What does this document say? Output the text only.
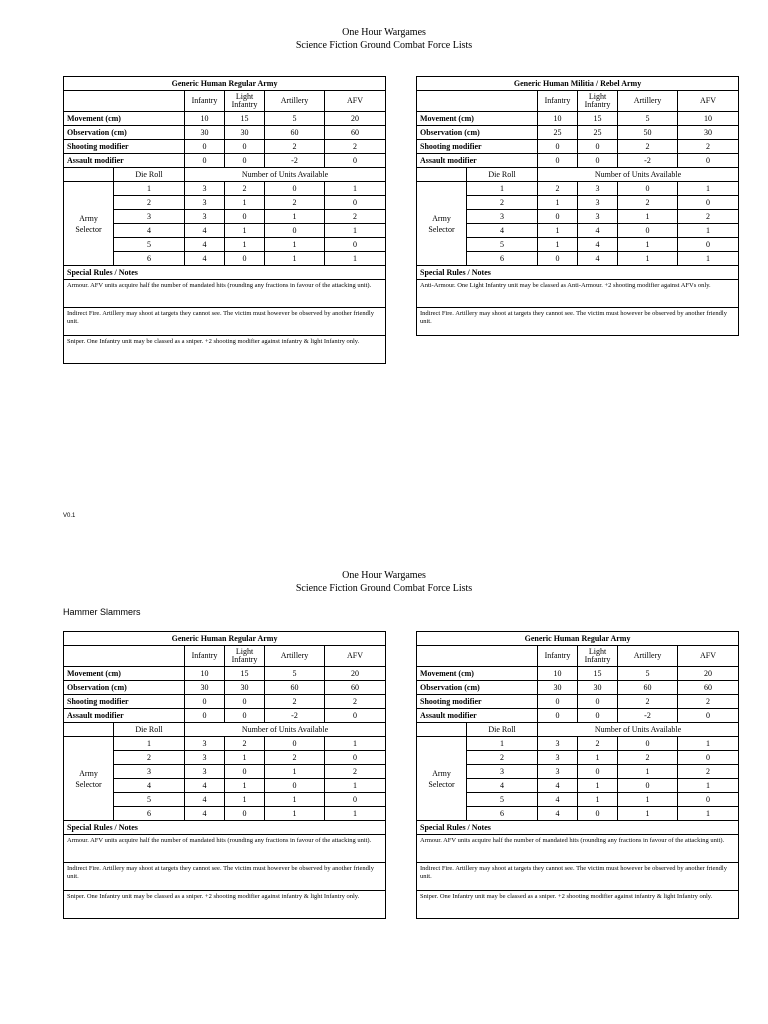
One Hour Wargames
Science Fiction Ground Combat Force Lists
Generic Human Regular Army					
		Infantry	Light Infantry	Artillery	AFV
Movement (cm)		10	15	5	20
Observation (cm)		30	30	60	60
Shooting modifier		0	0	2	2
Assault modifier		0	0	-2	0
	Die Roll	Number of Units Available			
Army Selector	1	3	2	0	1
	2	3	1	2	0
	3	3	0	1	2
	4	4	1	0	1
	5	4	1	1	0
	6	4	0	1	1
Special Rules / Notes					
Armour. AFV units acquire half the number of mandated hits (rounding any fractions in favour of the attacking unit).					
Indirect Fire. Artillery may shoot at targets they cannot see. The victim must however be observed by another friendly unit.					
Sniper. One Infantry unit may be classed as a sniper. +2 shooting modifier against infantry & light Infantry only.					
Generic Human Militia / Rebel Army					
		Infantry	Light Infantry	Artillery	AFV
Movement (cm)		10	15	5	10
Observation (cm)		25	25	50	30
Shooting modifier		0	0	2	2
Assault modifier		0	0	-2	0
	Die Roll	Number of Units Available			
Army Selector	1	2	3	0	1
	2	1	3	2	0
	3	0	3	1	2
	4	1	4	0	1
	5	1	4	1	0
	6	0	4	1	1
Special Rules / Notes					
Anti-Armour. One Light Infantry unit may be classed as Anti-Armour. +2 shooting modifier against AFVs only.					
Indirect Fire. Artillery may shoot at targets they cannot see. The victim must however be observed by another friendly unit.					
V0.1
One Hour Wargames
Science Fiction Ground Combat Force Lists
Hammer Slammers
Generic Human Regular Army					
		Infantry	Light Infantry	Artillery	AFV
Movement (cm)		10	15	5	20
Observation (cm)		30	30	60	60
Shooting modifier		0	0	2	2
Assault modifier		0	0	-2	0
	Die Roll	Number of Units Available			
Army Selector	1	3	2	0	1
	2	3	1	2	0
	3	3	0	1	2
	4	4	1	0	1
	5	4	1	1	0
	6	4	0	1	1
Special Rules / Notes					
Armour. AFV units acquire half the number of mandated hits (rounding any fractions in favour of the attacking unit).					
Indirect Fire. Artillery may shoot at targets they cannot see. The victim must however be observed by another friendly unit.					
Sniper. One Infantry unit may be classed as a sniper. +2 shooting modifier against infantry & light Infantry only.					
Generic Human Regular Army					
		Infantry	Light Infantry	Artillery	AFV
Movement (cm)		10	15	5	20
Observation (cm)		30	30	60	60
Shooting modifier		0	0	2	2
Assault modifier		0	0	-2	0
	Die Roll	Number of Units Available			
Army Selector	1	3	2	0	1
	2	3	1	2	0
	3	3	0	1	2
	4	4	1	0	1
	5	4	1	1	0
	6	4	0	1	1
Special Rules / Notes					
Armour. AFV units acquire half the number of mandated hits (rounding any fractions in favour of the attacking unit).					
Indirect Fire. Artillery may shoot at targets they cannot see. The victim must however be observed by another friendly unit.					
Sniper. One Infantry unit may be classed as a sniper. +2 shooting modifier against infantry & light Infantry only.					
